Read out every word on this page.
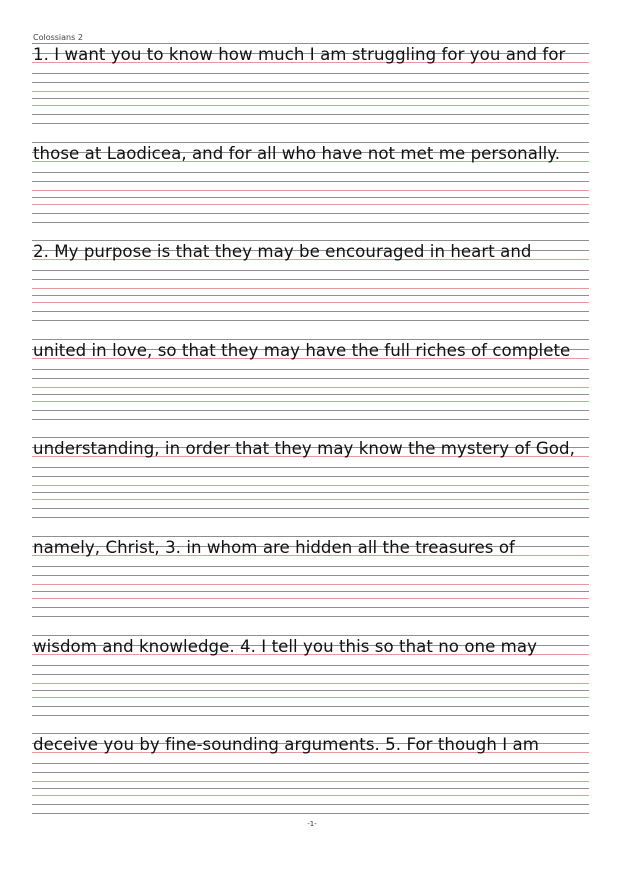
Colossians 2
1. I want you to know how much I am struggling for you and for
those at Laodicea, and for all who have not met me personally.
2. My purpose is that they may be encouraged in heart and
united in love, so that they may have the full riches of complete
understanding, in order that they may know the mystery of God,
namely, Christ, 3. in whom are hidden all the treasures of
wisdom and knowledge. 4. I tell you this so that no one may
deceive you by fine-sounding arguments. 5. For though I am
-1-
